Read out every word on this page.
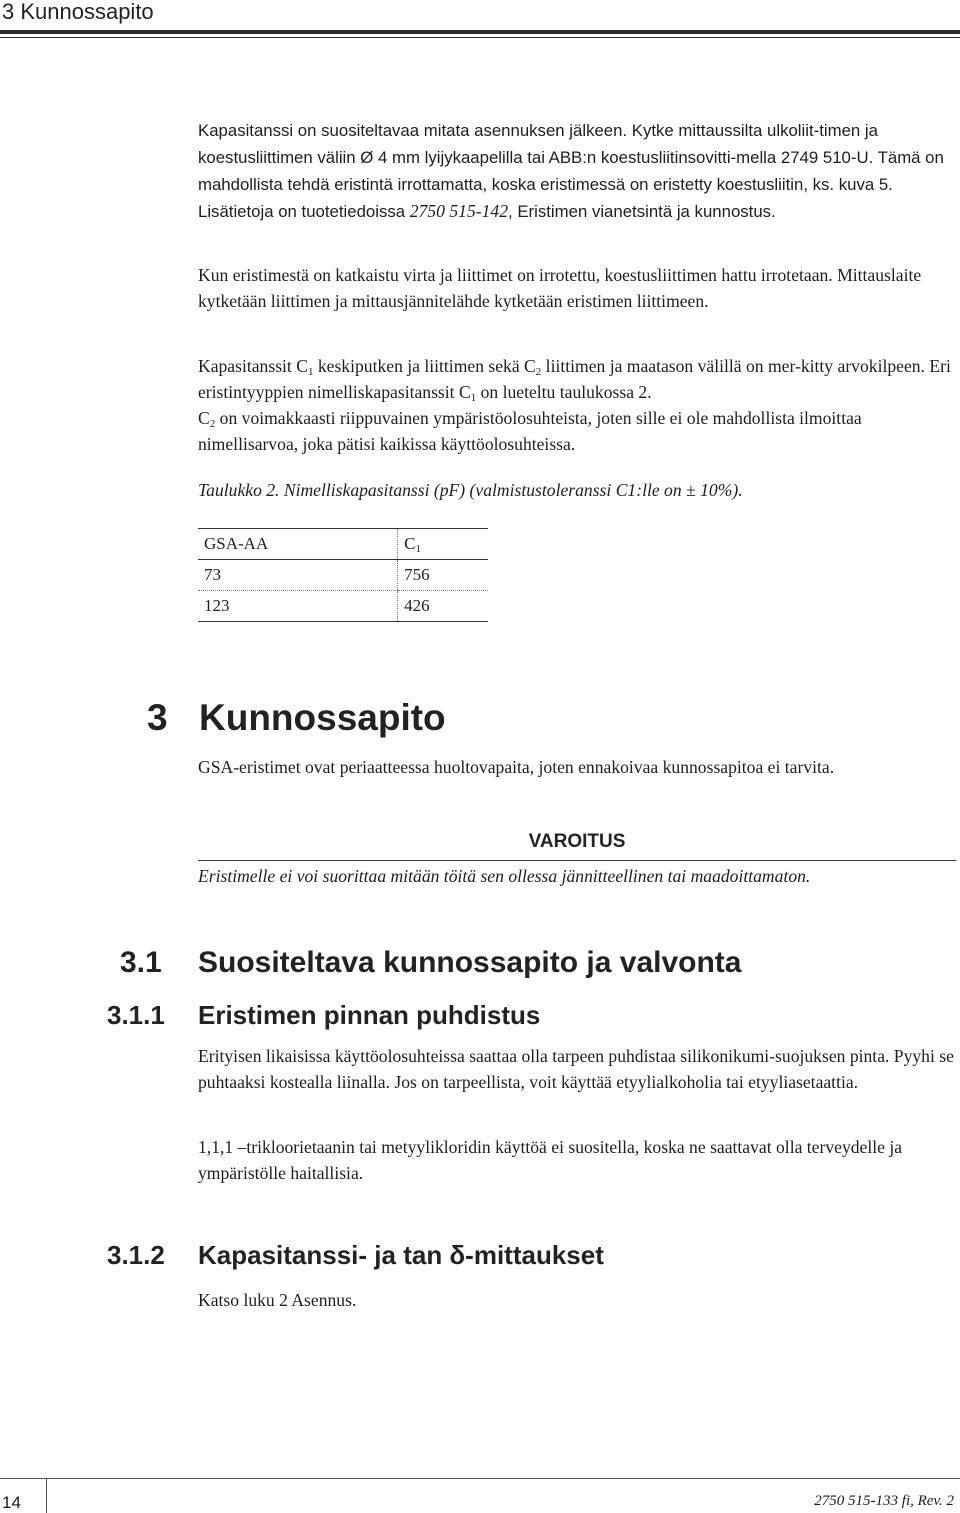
3 Kunnossapito

Kapasitanssi on suositeltavaa mitata asennuksen jälkeen. Kytke mittaussilta ulkoliit-timen ja koestusliittimen väliin Ø 4 mm lyijykaapelilla tai ABB:n koestusliitinsovitti-mella 2749 510-U. Tämä on mahdollista tehdä eristintä irrottamatta, koska eristimessä on eristetty koestusliitin, ks. kuva 5. Lisätietoja on tuotetiedoissa 2750 515-142, Eristimen vianetsintä ja kunnostus.

Kun eristimestä on katkaistu virta ja liittimet on irrotettu, koestusliittimen hattu irrotetaan. Mittauslaite kytketään liittimen ja mittausjännitelähde kytketään eristimen liittimeen.

Kapasitanssit $C_1$ keskiputken ja liittimen sekä $C_2$ liittimen ja maatason välillä on mer-kitty arvokilpeen. Eri eristintyyppien nimelliskapasitanssit $C_1$ on lueteltu taulukossa 2.
$C_2$ on voimakkaasti riippuvainen ympäristöolosuhteista, joten sille ei ole mahdollista ilmoittaa nimellisarvoa, joka pätisi kaikissa käyttöolosuhteissa.

Taulukko 2. Nimelliskapasitanssi (pF) (valmistustoleranssi C1:lle on ± 10%).
GSA-AA	$C_1$
73	756
123	426
3 Kunnossapito

GSA-eristimet ovat periaatteessa huoltovapaita, joten ennakoivaa kunnossapitoa ei tarvita.

VAROITUS
Eristimelle ei voi suorittaa mitään töitä sen ollessa jännitteellinen tai maadoittamaton.
3.1 Suositeltava kunnossapito ja valvonta
3.1.1 Eristimen pinnan puhdistus

Erityisen likaisissa käyttöolosuhteissa saattaa olla tarpeen puhdistaa silikonikumi-suojuksen pinta. Pyyhi se puhtaaksi kostealla liinalla. Jos on tarpeellista, voit käyttää etyylialkoholia tai etyyliasetaattia.

1,1,1 –trikloorietaanin tai metyylikloridin käyttöä ei suositella, koska ne saattavat olla terveydelle ja ympäristölle haitallisia.

3.1.2 Kapasitanssi- ja tan δ-mittaukset

Katso luku 2 Asennus.

14	2750 515-133 fi, Rev. 2
